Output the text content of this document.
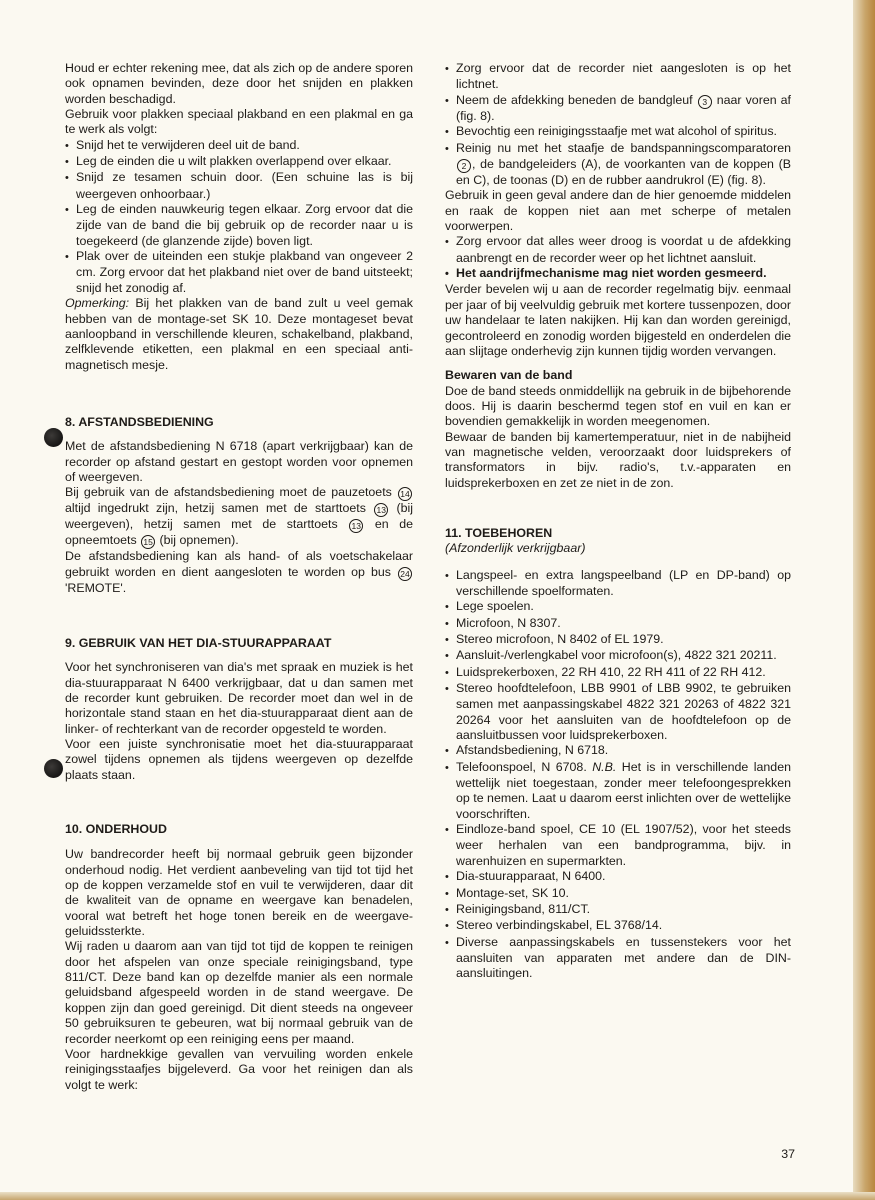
Houd er echter rekening mee, dat als zich op de andere sporen ook opnamen bevinden, deze door het snijden en plakken worden beschadigd.

Gebruik voor plakken speciaal plakband en een plakmal en ga te werk als volgt:

• Snijd het te verwijderen deel uit de band.

• Leg de einden die u wilt plakken overlappend over elkaar.

• Snijd ze tesamen schuin door. (Een schuine las is bij weergeven onhoorbaar.)

• Leg de einden nauwkeurig tegen elkaar. Zorg ervoor dat die zijde van de band die bij gebruik op de recorder naar u is toegekeerd (de glanzende zijde) boven ligt.

• Plak over de uiteinden een stukje plakband van ongeveer 2 cm. Zorg ervoor dat het plakband niet over de band uitsteekt; snijd het zonodig af.

Opmerking: Bij het plakken van de band zult u veel gemak hebben van de montage-set SK 10. Deze montageset bevat aanloopband in verschillende kleuren, schakelband, plakband, zelfklevende etiketten, een plakmal en een speciaal anti-magnetisch mesje.

8. AFSTANDSBEDIENING

Met de afstandsbediening N 6718 (apart verkrijgbaar) kan de recorder op afstand gestart en gestopt worden voor opnemen of weergeven.

Bij gebruik van de afstandsbediening moet de pauzetoets 14 altijd ingedrukt zijn, hetzij samen met de starttoets 13 (bij weergeven), hetzij samen met de starttoets 13 en de opneemtoets 15 (bij opnemen).

De afstandsbediening kan als hand- of als voetschakelaar gebruikt worden en dient aangesloten te worden op bus 24 'REMOTE'.

9. GEBRUIK VAN HET DIA-STUURAPPARAAT

Voor het synchroniseren van dia's met spraak en muziek is het dia-stuurapparaat N 6400 verkrijgbaar, dat u dan samen met de recorder kunt gebruiken. De recorder moet dan wel in de horizontale stand staan en het dia-stuurapparaat dient aan de linker- of rechterkant van de recorder opgesteld te worden.

Voor een juiste synchronisatie moet het dia-stuurapparaat zowel tijdens opnemen als tijdens weergeven op dezelfde plaats staan.

10. ONDERHOUD

Uw bandrecorder heeft bij normaal gebruik geen bijzonder onderhoud nodig. Het verdient aanbeveling van tijd tot tijd het op de koppen verzamelde stof en vuil te verwijderen, daar dit de kwaliteit van de opname en weergave kan benadelen, vooral wat betreft het hoge tonen bereik en de weergave-geluidssterkte.

Wij raden u daarom aan van tijd tot tijd de koppen te reinigen door het afspelen van onze speciale reinigingsband, type 811/CT. Deze band kan op dezelfde manier als een normale geluidsband afgespeeld worden in de stand weergave. De koppen zijn dan goed gereinigd. Dit dient steeds na ongeveer 50 gebruiksuren te gebeuren, wat bij normaal gebruik van de recorder neerkomt op een reiniging eens per maand.

Voor hardnekkige gevallen van vervuiling worden enkele reinigingsstaafjes bijgeleverd. Ga voor het reinigen dan als volgt te werk:

• Zorg ervoor dat de recorder niet aangesloten is op het lichtnet.

• Neem de afdekking beneden de bandgleuf 3 naar voren af (fig. 8).

• Bevochtig een reinigingsstaafje met wat alcohol of spiritus.

• Reinig nu met het staafje de bandspanningscomparatoren 2 , de bandgeleiders (A), de voorkanten van de koppen (B en C), de toonas (D) en de rubber aandrukrol (E) (fig. 8).

Gebruik in geen geval andere dan de hier genoemde middelen en raak de koppen niet aan met scherpe of metalen voorwerpen.

• Zorg ervoor dat alles weer droog is voordat u de afdekking aanbrengt en de recorder weer op het lichtnet aansluit.

• Het aandrijfmechanisme mag niet worden gesmeerd.

Verder bevelen wij u aan de recorder regelmatig bijv. eenmaal per jaar of bij veelvuldig gebruik met kortere tussenpozen, door uw handelaar te laten nakijken. Hij kan dan worden gereinigd, gecontroleerd en zonodig worden bijgesteld en onderdelen die aan slijtage onderhevig zijn kunnen tijdig worden vervangen.

Bewaren van de band

Doe de band steeds onmiddellijk na gebruik in de bijbehorende doos. Hij is daarin beschermd tegen stof en vuil en kan er bovendien gemakkelijk in worden meegenomen.

Bewaar de banden bij kamertemperatuur, niet in de nabijheid van magnetische velden, veroorzaakt door luidsprekers of transformators in bijv. radio's, t.v.-apparaten en luidsprekerboxen en zet ze niet in de zon.

11. TOEBEHOREN

(Afzonderlijk verkrijgbaar)

• Langspeel- en extra langspeelband (LP en DP-band) op verschillende spoelformaten.

• Lege spoelen.

• Microfoon, N 8307.

• Stereo microfoon, N 8402 of EL 1979.

• Aansluit-/verlengkabel voor microfoon(s), 4822 321 20211.

• Luidsprekerboxen, 22 RH 410, 22 RH 411 of 22 RH 412.

• Stereo hoofdtelefoon, LBB 9901 of LBB 9902, te gebruiken samen met aanpassingskabel 4822 321 20263 of 4822 321 20264 voor het aansluiten van de hoofdtelefoon op de aansluitbussen voor luidsprekerboxen.

• Afstandsbediening, N 6718.

• Telefoonspoel, N 6708. N.B. Het is in verschillende landen wettelijk niet toegestaan, zonder meer telefoongesprekken op te nemen. Laat u daarom eerst inlichten over de wettelijke voorschriften.

• Eindloze-band spoel, CE 10 (EL 1907/52), voor het steeds weer herhalen van een bandprogramma, bijv. in warenhuizen en supermarkten.

• Dia-stuurapparaat, N 6400.

• Montage-set, SK 10.

• Reinigingsband, 811/CT.

• Stereo verbindingskabel, EL 3768/14.

• Diverse aanpassingskabels en tussenstekers voor het aansluiten van apparaten met andere dan de DIN-aansluitingen.

37
